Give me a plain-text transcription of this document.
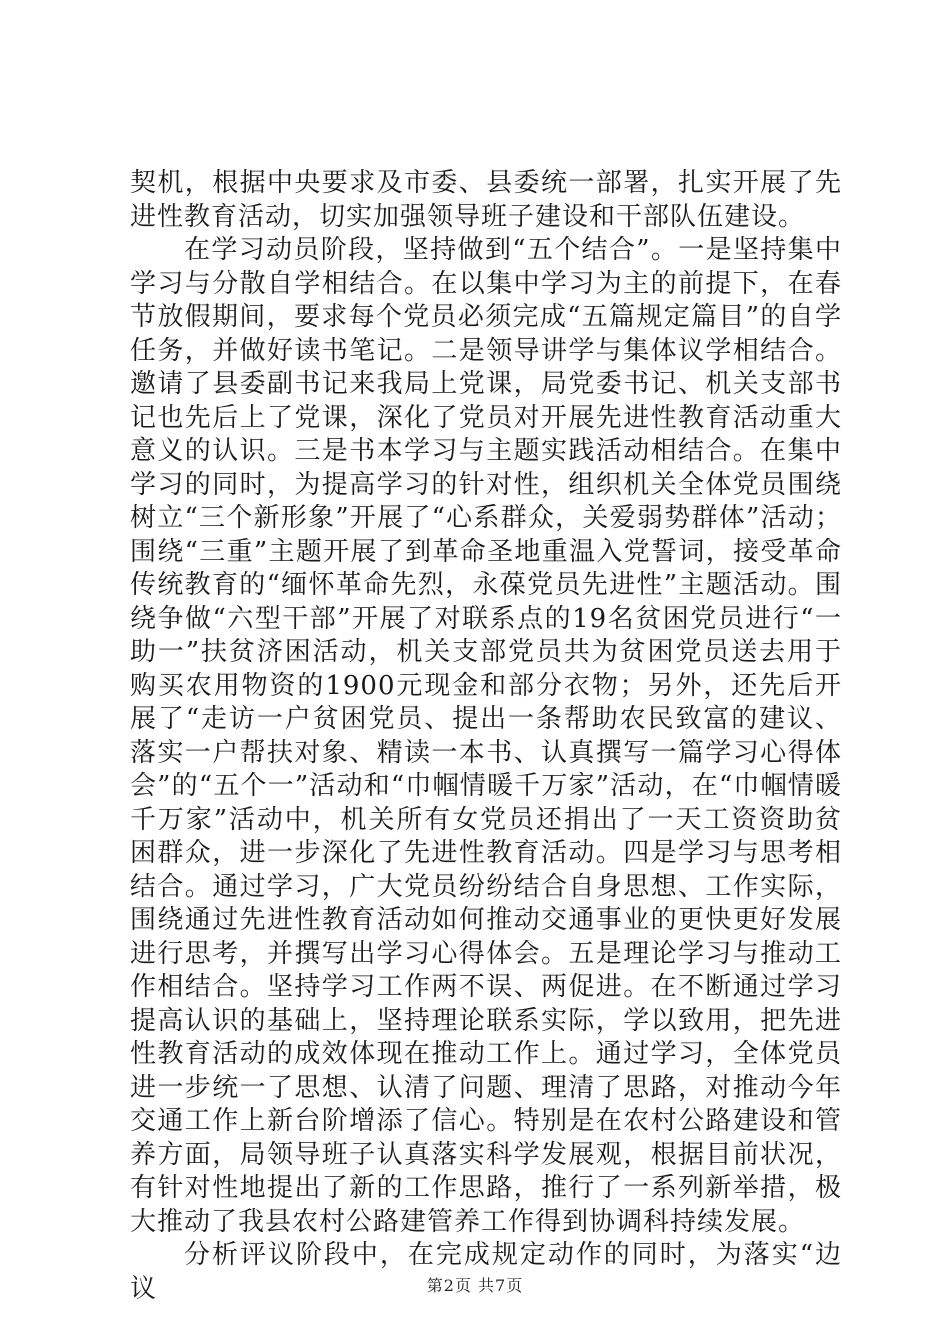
契机，根据中央要求及市委、县委统一部署，扎实开展了先进性教育活动，切实加强领导班子建设和干部队伍建设。

在学习动员阶段，坚持做到“五个结合”。一是坚持集中学习与分散自学相结合。在以集中学习为主的前提下，在春节放假期间，要求每个党员必须完成“五篇规定篇目”的自学任务，并做好读书笔记。二是领导讲学与集体议学相结合。邀请了县委副书记来我局上党课，局党委书记、机关支部书记也先后上了党课，深化了党员对开展先进性教育活动重大意义的认识。三是书本学习与主题实践活动相结合。在集中学习的同时，为提高学习的针对性，组织机关全体党员围绕树立“三个新形象”开展了“心系群众，关爱弱势群体”活动；围绕“三重”主题开展了到革命圣地重温入党誓词，接受革命传统教育的“缅怀革命先烈，永葆党员先进性”主题活动。围绕争做“六型干部”开展了对联系点的19名贫困党员进行“一助一”扶贫济困活动，机关支部党员共为贫困党员送去用于购买农用物资的1900元现金和部分衣物；另外，还先后开展了“走访一户贫困党员、提出一条帮助农民致富的建议、落实一户帮扶对象、精读一本书、认真撰写一篇学习心得体会”的“五个一”活动和“巾帼情暖千万家”活动，在“巾帼情暖千万家”活动中，机关所有女党员还捐出了一天工资资助贫困群众，进一步深化了先进性教育活动。四是学习与思考相结合。通过学习，广大党员纷纷结合自身思想、工作实际，围绕通过先进性教育活动如何推动交通事业的更快更好发展进行思考，并撰写出学习心得体会。五是理论学习与推动工作相结合。坚持学习工作两不误、两促进。在不断通过学习提高认识的基础上，坚持理论联系实际，学以致用，把先进性教育活动的成效体现在推动工作上。通过学习，全体党员进一步统一了思想、认清了问题、理清了思路，对推动今年交通工作上新台阶增添了信心。特别是在农村公路建设和管养方面，局领导班子认真落实科学发展观，根据目前状况，有针对性地提出了新的工作思路，推行了一系列新举措，极大推动了我县农村公路建管养工作得到协调科持续发展。

分析评议阶段中，在完成规定动作的同时，为落实“边议	第2页 共7页
